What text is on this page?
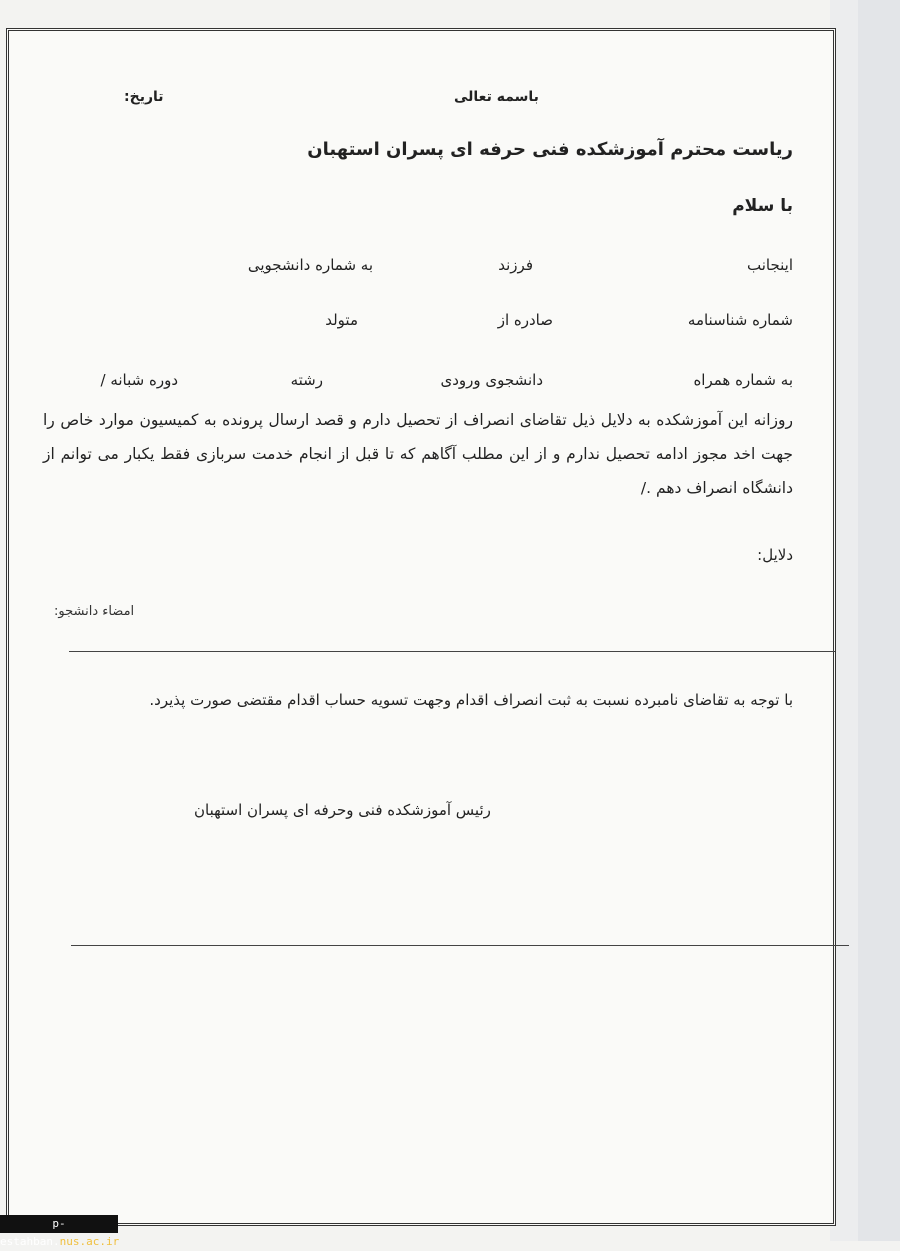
باسمه تعالی
تاریخ:
ریاست محترم آموزشکده فنی حرفه ای پسران استهبان
با سلام
اینجانب
فرزند
به شماره دانشجویی
شماره شناسنامه
صادره از
متولد
به شماره همراه
دانشجوی ورودی
رشته
دوره شبانه /
روزانه این آموزشکده به دلایل ذیل تقاضای انصراف از تحصیل دارم و قصد ارسال پرونده به کمیسیون موارد خاص را جهت اخد مجوز ادامه تحصیل ندارم و از این مطلب آگاهم که تا قبل از انجام خدمت سربازی فقط یکبار می توانم از دانشگاه انصراف دهم ./
دلایل:
امضاء دانشجو:
با توجه به تقاضای نامبرده نسبت به ثبت انصراف اقدام وجهت تسویه حساب اقدام مقتضی صورت پذیرد.
رئیس آموزشکده فنی وحرفه ای پسران استهبان
p-estahban.nus.ac.ir
